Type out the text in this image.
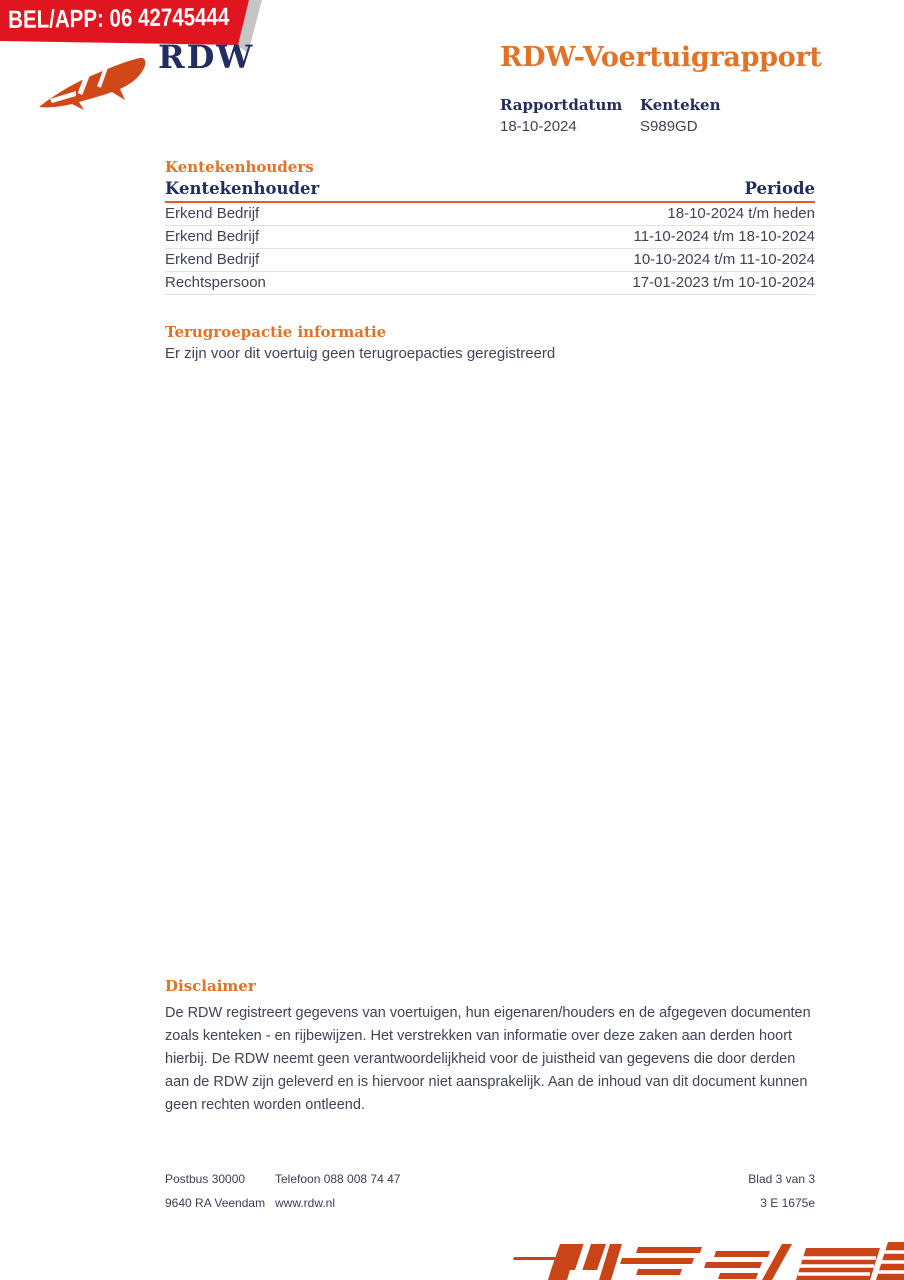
BEL/APP: 06 42745444
RDW	RDW-Voertuigrapport
Rapportdatum Kenteken
18-10-2024	S989GD
Kentekenhouders
Kentekenhouder	Periode
Erkend Bedrijf	18-10-2024 t/m heden
Erkend Bedrijf	11-10-2024 t/m 18-10-2024
Erkend Bedrijf	10-10-2024 t/m 11-10-2024
Rechtspersoon	17-01-2023 t/m 10-10-2024
Terugroepactie informatie
Er zijn voor dit voertuig geen terugroepacties geregistreerd
Disclaimer
De RDW registreert gegevens van voertuigen, hun eigenaren/houders en de afgegeven documenten zoals kenteken - en rijbewijzen. Het verstrekken van informatie over deze zaken aan derden hoort hierbij. De RDW neemt geen verantwoordelijkheid voor de juistheid van gegevens die door derden aan de RDW zijn geleverd en is hiervoor niet aansprakelijk. Aan de inhoud van dit document kunnen geen rechten worden ontleend.
Postbus 30000
9640 RA Veendam
Telefoon 088 008 74 47
www.rdw.nl
Blad 3 van 3
3 E 1675e
